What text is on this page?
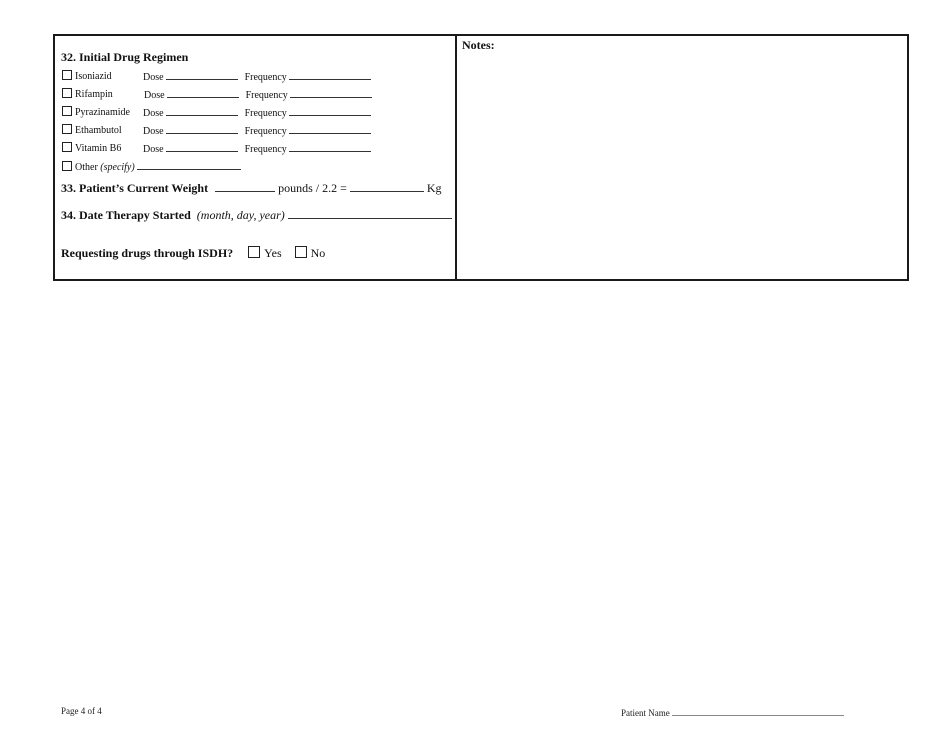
32. Initial Drug Regimen
Isoniazid	Dose	Frequency
Rifampin	Dose	Frequency
Pyrazinamide Dose	Frequency
Ethambutol Dose	Frequency
Vitamin B6 Dose	Frequency
Other (specify)
33. Patient’s Current Weight	pounds / 2.2 =	Kg
34. Date Therapy Started (month, day, year)
Requesting drugs through ISDH?	Yes No
Notes:
Page 4 of 4	Patient Name
